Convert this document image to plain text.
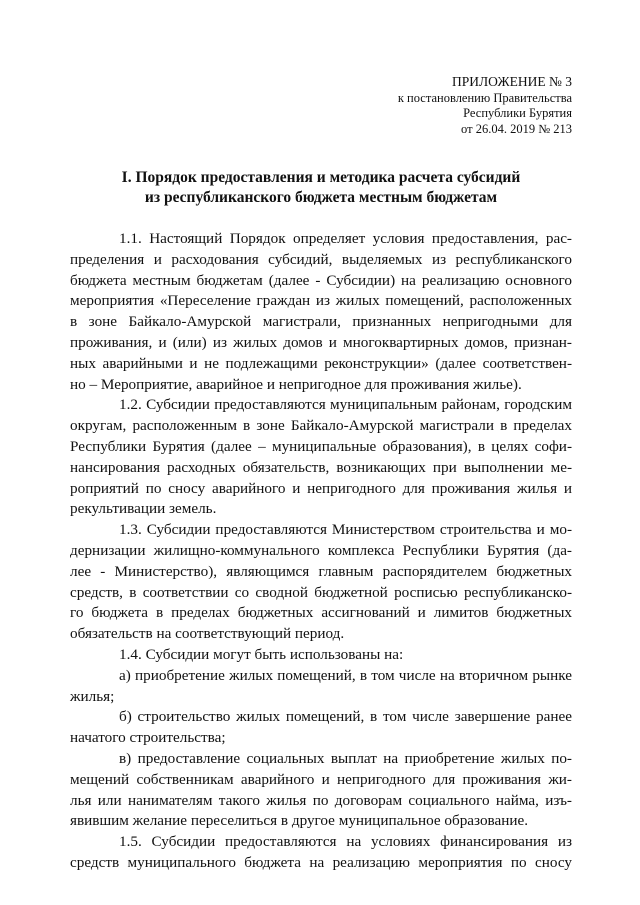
ПРИЛОЖЕНИЕ № 3
к постановлению Правительства
Республики Бурятия
от 26.04. 2019 № 213
I. Порядок предоставления и методика расчета субсидий
из республиканского бюджета местным бюджетам
1.1. Настоящий Порядок определяет условия предоставления, рас-
пределения и расходования субсидий, выделяемых из республиканского
бюджета местным бюджетам (далее - Субсидии) на реализацию основного
мероприятия «Переселение граждан из жилых помещений, расположенных
в зоне Байкало-Амурской магистрали, признанных непригодными для
проживания, и (или) из жилых домов и многоквартирных домов, признан-
ных аварийными и не подлежащими реконструкции» (далее соответствен-
но – Мероприятие, аварийное и непригодное для проживания жилье).
1.2. Субсидии предоставляются муниципальным районам, городским
округам, расположенным в зоне Байкало-Амурской магистрали в пределах
Республики Бурятия (далее – муниципальные образования), в целях софи-
нансирования расходных обязательств, возникающих при выполнении ме-
роприятий по сносу аварийного и непригодного для проживания жилья и
рекультивации земель.
1.3. Субсидии предоставляются Министерством строительства и мо-
дернизации жилищно-коммунального комплекса Республики Бурятия (да-
лее - Министерство), являющимся главным распорядителем бюджетных
средств, в соответствии со сводной бюджетной росписью республиканско-
го бюджета в пределах бюджетных ассигнований и лимитов бюджетных
обязательств на соответствующий период.
1.4. Субсидии могут быть использованы на:
а) приобретение жилых помещений, в том числе на вторичном рынке
жилья;
б) строительство жилых помещений, в том числе завершение ранее
начатого строительства;
в) предоставление социальных выплат на приобретение жилых по-
мещений собственникам аварийного и непригодного для проживания жи-
лья или нанимателям такого жилья по договорам социального найма, изъ-
явившим желание переселиться в другое муниципальное образование.
1.5. Субсидии предоставляются на условиях финансирования из
средств муниципального бюджета на реализацию мероприятия по сносу
